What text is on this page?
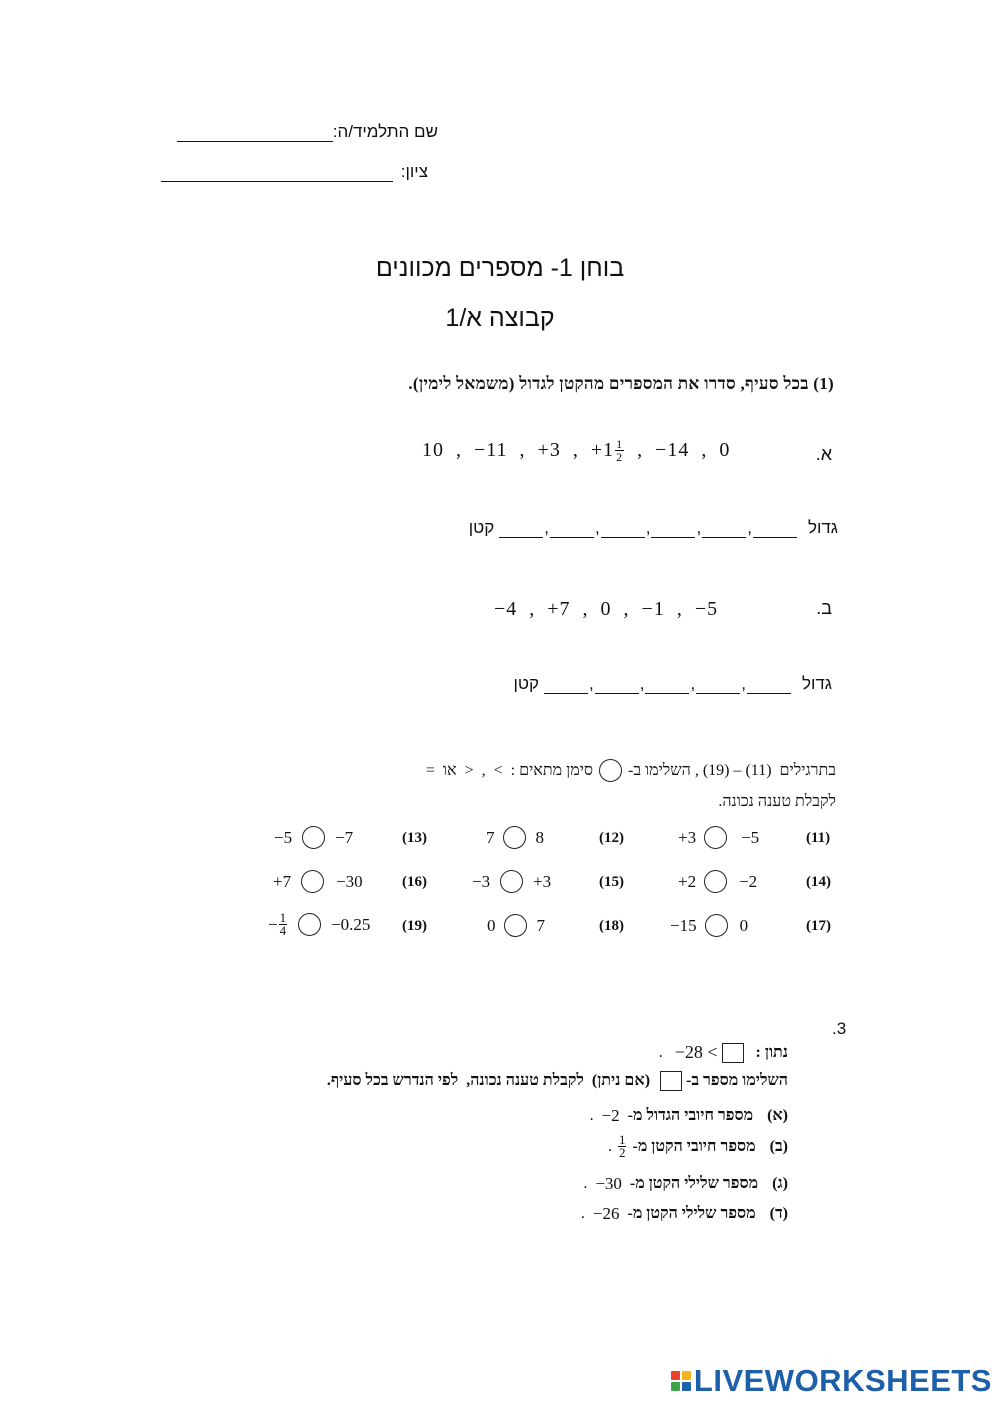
שם התלמיד/ה:
ציון:
בוחן 1- מספרים מכוונים
קבוצה א/1
(1) בכל סעיף, סדרו את המספרים מהקטן לגדול (משמאל לימין).
א.
10  ,  −11  ,  +3  ,  $+1 \frac{1}{2}$ ,  −14  ,  0
גדול
,
,
,
,
,
קטן
ב.
−4  ,  +7  ,  0  ,  −1  ,  −5
גדול
,
,
,
,
קטן
בתרגילים  (11) – (19) , השלימו ב-
סימן מתאים :  >  ,  <  או  =
לקבלת טענה נכונה.
+3	−5	(11)
7 8	(12)
−5	−7	(13)
+2	−2	(14)
−3	+3	(15)
+7	−30	(16)
−15	0	(17)
0 7	(18)
− $\frac{1}{4}$	−0.25 (19)
.3
נתון :
−28 <
.
השלימו מספר ב-
(אם ניתן)  לקבלת טענה נכונה,  לפי הנדרש בכל סעיף.
(א)
מספר חיובי הגדול מ-
−2
.
(ב)
מספר חיובי הקטן מ-
$\frac{1}{2}$
.
(ג)
מספר שלילי הקטן מ-
−30
.
(ד)
מספר שלילי הקטן מ-
−26
.
LIVEWORKSHEETS
